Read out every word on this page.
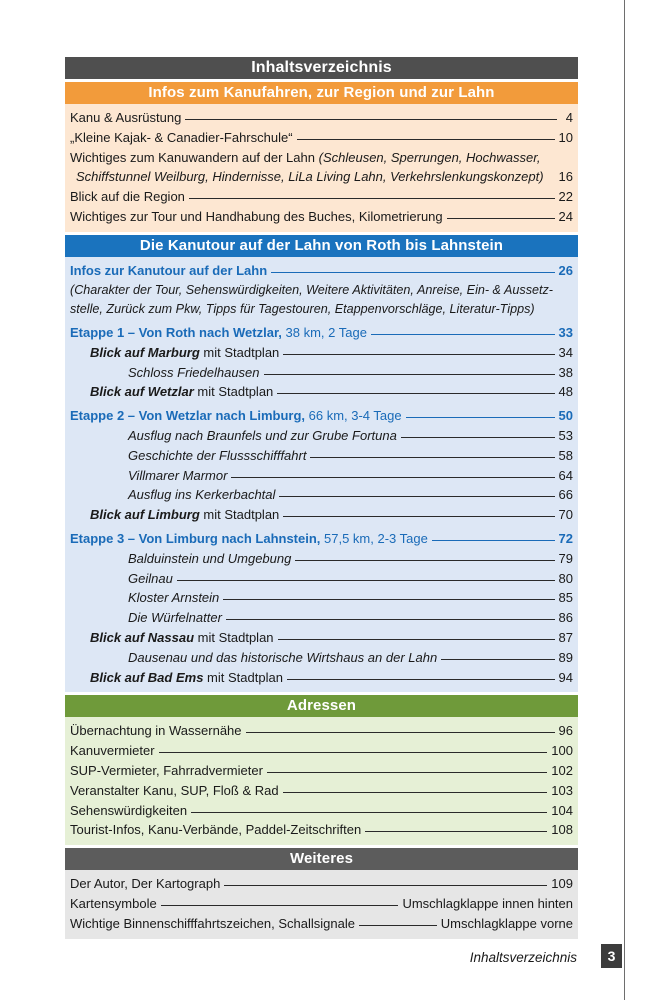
Inhaltsverzeichnis
Infos zum Kanufahren, zur Region und zur Lahn
Kanu & Ausrüstung	4
„Kleine Kajak- & Canadier-Fahrschule“	10
Wichtiges zum Kanuwandern auf der Lahn (Schleusen, Sperrungen, Hochwasser,
Schiffstunnel Weilburg, Hindernisse, LiLa Living Lahn, Verkehrslenkungskonzept)	16
Blick auf die Region	22
Wichtiges zur Tour und Handhabung des Buches, Kilometrierung	24
Die Kanutour auf der Lahn von Roth bis Lahnstein
Infos zur Kanutour auf der Lahn	26
(Charakter der Tour, Sehenswürdigkeiten, Weitere Aktivitäten, Anreise, Ein- & Aussetz-
stelle, Zurück zum Pkw, Tipps für Tagestouren, Etappenvorschläge, Literatur-Tipps)
Etappe 1 – Von Roth nach Wetzlar, 38 km, 2 Tage	33
Blick auf Marburg mit Stadtplan	34
Schloss Friedelhausen	38
Blick auf Wetzlar mit Stadtplan	48
Etappe 2 – Von Wetzlar nach Limburg, 66 km, 3-4 Tage	50
Ausflug nach Braunfels und zur Grube Fortuna	53
Geschichte der Flussschifffahrt	58
Villmarer Marmor	64
Ausflug ins Kerkerbachtal	66
Blick auf Limburg mit Stadtplan	70
Etappe 3 – Von Limburg nach Lahnstein, 57,5 km, 2-3 Tage	72
Balduinstein und Umgebung	79
Geilnau	80
Kloster Arnstein	85
Die Würfelnatter	86
Blick auf Nassau mit Stadtplan	87
Dausenau und das historische Wirtshaus an der Lahn	89
Blick auf Bad Ems mit Stadtplan	94
Adressen
Übernachtung in Wassernähe	96
Kanuvermieter	100
SUP-Vermieter, Fahrradvermieter	102
Veranstalter Kanu, SUP, Floß & Rad	103
Sehenswürdigkeiten	104
Tourist-Infos, Kanu-Verbände, Paddel-Zeitschriften	108
Weiteres
Der Autor, Der Kartograph	109
Kartensymbole	Umschlagklappe innen hinten
Wichtige Binnenschifffahrtszeichen, Schallsignale	Umschlagklappe vorne
Inhaltsverzeichnis	3
